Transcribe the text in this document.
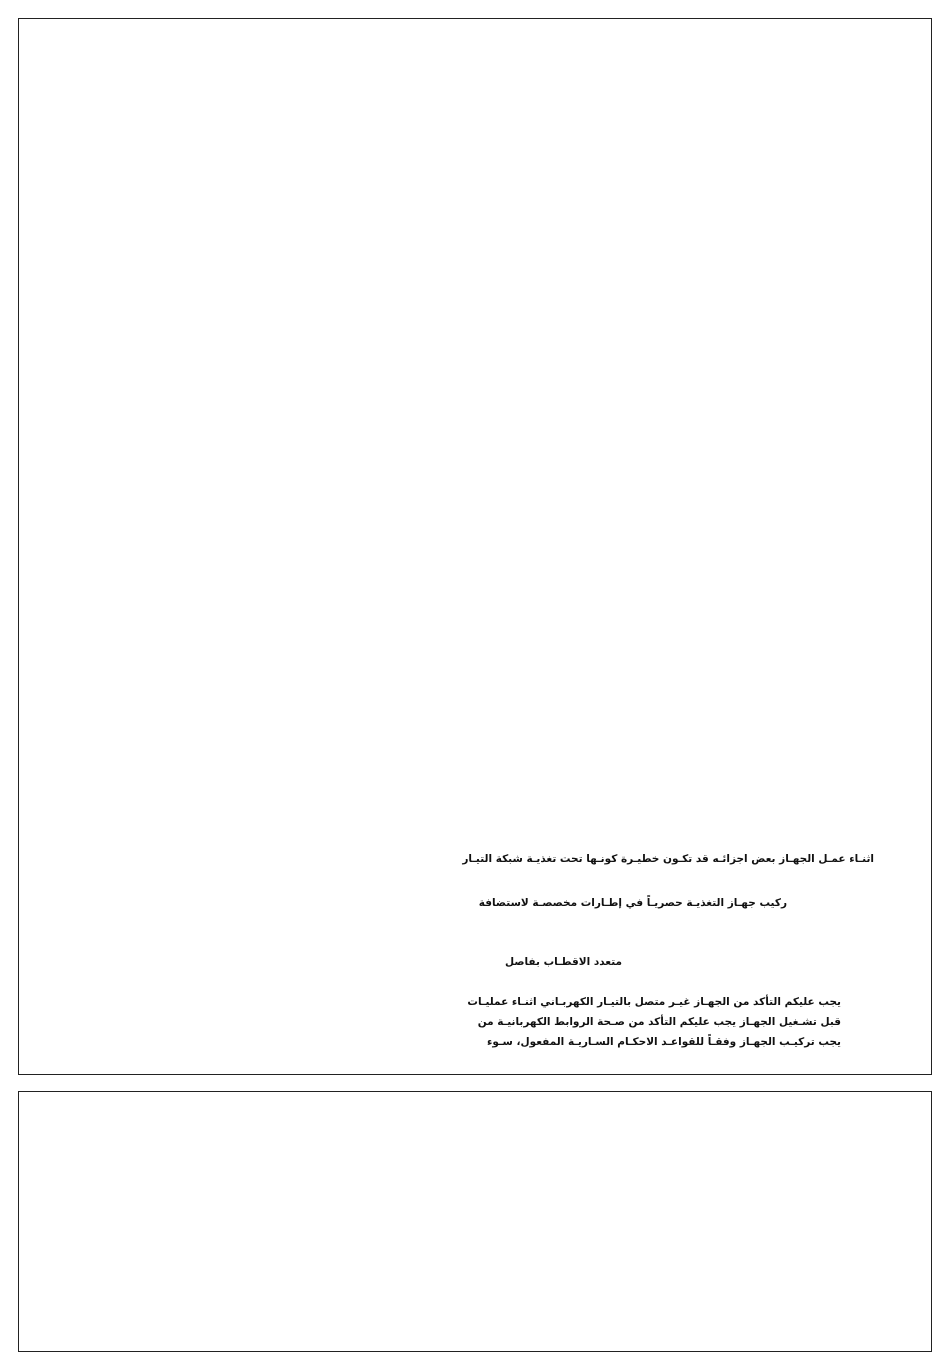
اثنـاء عمـل الجهـاز بعض اجزائـه قد تكـون خطيـرة كونـها تحت تغذيـة شبكة التيـار
ركيب جهـاز التغذيـة حصريـاً في إطـارات مخصصـة لاستضافة
متعدد الاقطـاب بفاصل
يجب عليكم التأكد من الجهـاز غيـر متصل بالتيـار الكهربـاني اثنـاء عمليـات
قبل تشـغيل الجهـاز يجب عليكم التأكد من صـحة الروابط الكهربانيـة من
يجب تركيـب الجهـاز وفقـاً للقواعـد الاحكـام السـاريـة المفعول، سـوء
